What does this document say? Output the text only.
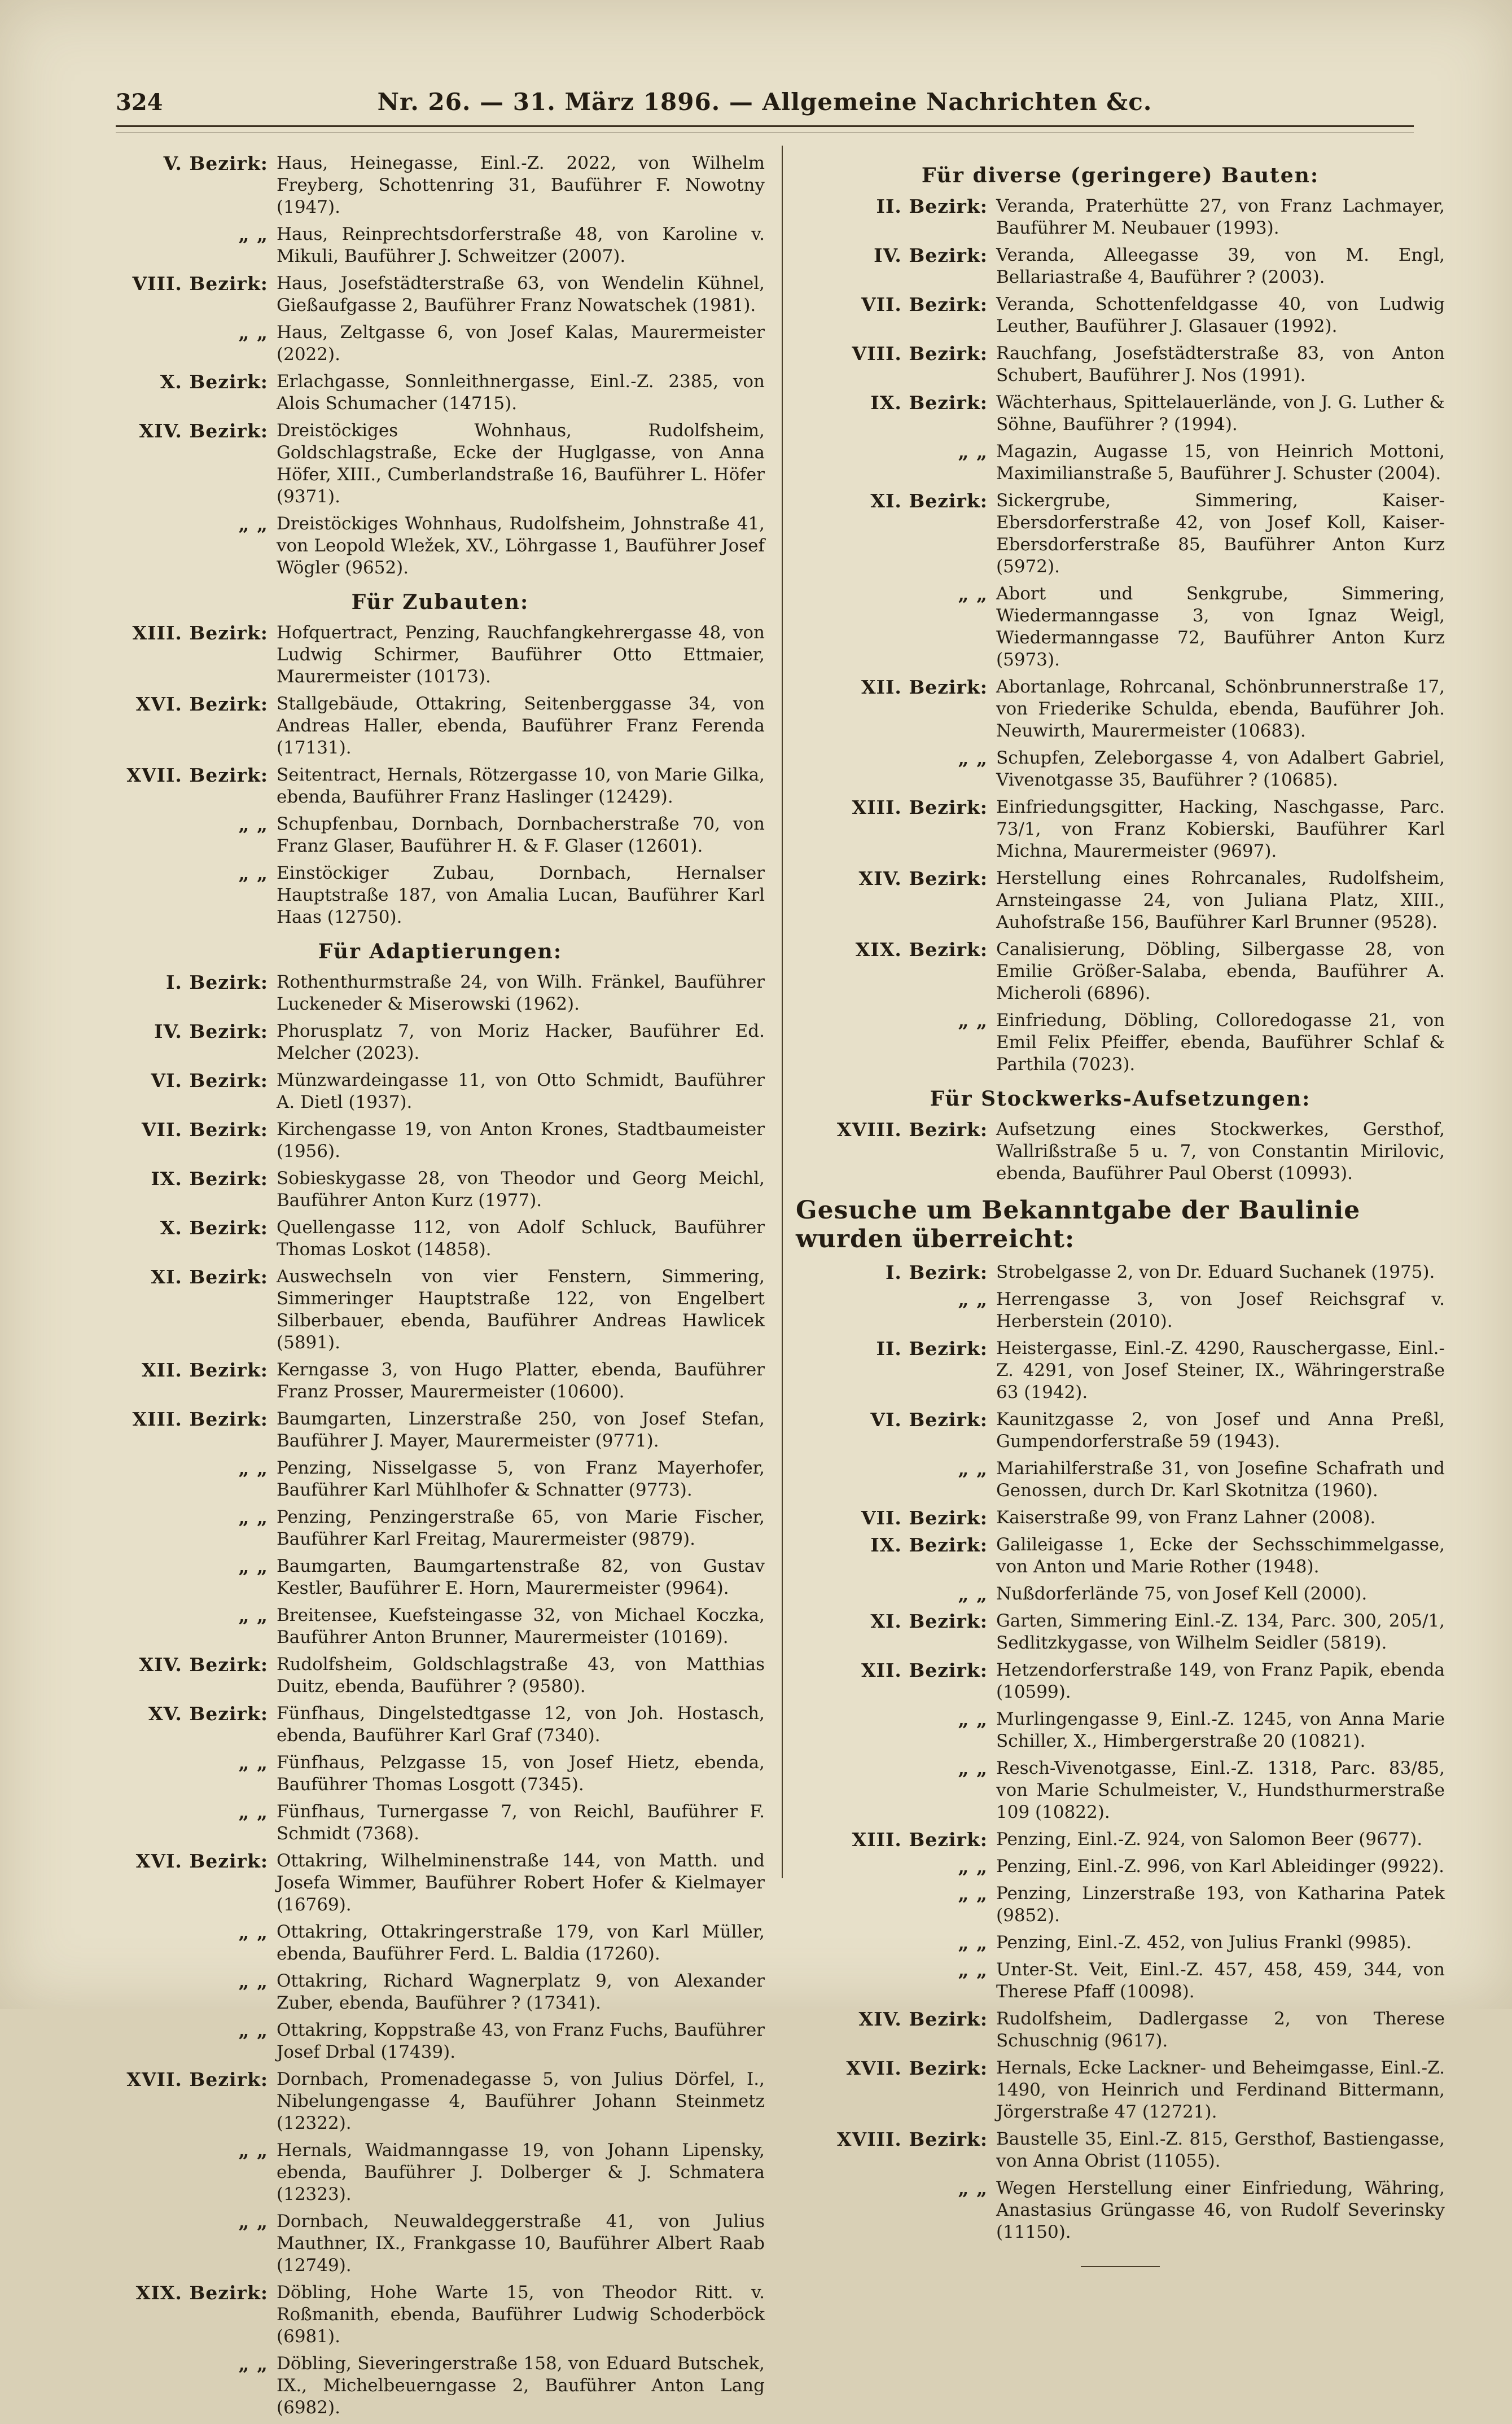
324	Nr. 26. — 31. März 1896. — Allgemeine Nachrichten &c.
V. Bezirk: Haus, Heinegasse, Einl.-Z. 2022, von Wilhelm Freyberg, Schottenring 31, Bauführer F. Nowotny (1947).
„ „ Haus, Reinprechtsdorferstraße 48, von Karoline v. Mikuli, Bauführer J. Schweitzer (2007).
VIII. Bezirk: Haus, Josefstädterstraße 63, von Wendelin Kühnel, Gießaufgasse 2, Bauführer Franz Nowatschek (1981).
„ „ Haus, Zeltgasse 6, von Josef Kalas, Maurermeister (2022).
X. Bezirk: Erlachgasse, Sonnleithnergasse, Einl.-Z. 2385, von Alois Schumacher (14715).
XIV. Bezirk: Dreistöckiges Wohnhaus, Rudolfsheim, Goldschlagstraße, Ecke der Huglgasse, von Anna Höfer, XIII., Cumberlandstraße 16, Bauführer L. Höfer (9371).
„ „ Dreistöckiges Wohnhaus, Rudolfsheim, Johnstraße 41, von Leopold Wležek, XV., Löhrgasse 1, Bauführer Josef Wögler (9652).
Für Zubauten:
XIII. Bezirk: Hofquertract, Penzing, Rauchfangkehrergasse 48, von Ludwig Schirmer, Bauführer Otto Ettmaier, Maurermeister (10173).
XVI. Bezirk: Stallgebäude, Ottakring, Seitenberggasse 34, von Andreas Haller, ebenda, Bauführer Franz Ferenda (17131).
XVII. Bezirk: Seitentract, Hernals, Rötzergasse 10, von Marie Gilka, ebenda, Bauführer Franz Haslinger (12429).
„ „ Schupfenbau, Dornbach, Dornbacherstraße 70, von Franz Glaser, Bauführer H. & F. Glaser (12601).
„ „ Einstöckiger Zubau, Dornbach, Hernalser Hauptstraße 187, von Amalia Lucan, Bauführer Karl Haas (12750).
Für Adaptierungen:
I. Bezirk: Rothenthurmstraße 24, von Wilh. Fränkel, Bauführer Luckeneder & Miserowski (1962).
IV. Bezirk: Phorusplatz 7, von Moriz Hacker, Bauführer Ed. Melcher (2023).
VI. Bezirk: Münzwardeingasse 11, von Otto Schmidt, Bauführer A. Dietl (1937).
VII. Bezirk: Kirchengasse 19, von Anton Krones, Stadtbaumeister (1956).
IX. Bezirk: Sobieskygasse 28, von Theodor und Georg Meichl, Bauführer Anton Kurz (1977).
X. Bezirk: Quellengasse 112, von Adolf Schluck, Bauführer Thomas Loskot (14858).
XI. Bezirk: Auswechseln von vier Fenstern, Simmering, Simmeringer Hauptstraße 122, von Engelbert Silberbauer, ebenda, Bauführer Andreas Hawlicek (5891).
XII. Bezirk: Kerngasse 3, von Hugo Platter, ebenda, Bauführer Franz Prosser, Maurermeister (10600).
XIII. Bezirk: Baumgarten, Linzerstraße 250, von Josef Stefan, Bauführer J. Mayer, Maurermeister (9771).
„ „ Penzing, Nisselgasse 5, von Franz Mayerhofer, Bauführer Karl Mühlhofer & Schnatter (9773).
„ „ Penzing, Penzingerstraße 65, von Marie Fischer, Bauführer Karl Freitag, Maurermeister (9879).
„ „ Baumgarten, Baumgartenstraße 82, von Gustav Kestler, Bauführer E. Horn, Maurermeister (9964).
„ „ Breitensee, Kuefsteingasse 32, von Michael Koczka, Bauführer Anton Brunner, Maurermeister (10169).
XIV. Bezirk: Rudolfsheim, Goldschlagstraße 43, von Matthias Duitz, ebenda, Bauführer ? (9580).
XV. Bezirk: Fünfhaus, Dingelstedtgasse 12, von Joh. Hostasch, ebenda, Bauführer Karl Graf (7340).
„ „ Fünfhaus, Pelzgasse 15, von Josef Hietz, ebenda, Bauführer Thomas Losgott (7345).
„ „ Fünfhaus, Turnergasse 7, von Reichl, Bauführer F. Schmidt (7368).
XVI. Bezirk: Ottakring, Wilhelminenstraße 144, von Matth. und Josefa Wimmer, Bauführer Robert Hofer & Kielmayer (16769).
„ „ Ottakring, Ottakringerstraße 179, von Karl Müller, ebenda, Bauführer Ferd. L. Baldia (17260).
„ „ Ottakring, Richard Wagnerplatz 9, von Alexander Zuber, ebenda, Bauführer ? (17341).
„ „ Ottakring, Koppstraße 43, von Franz Fuchs, Bauführer Josef Drbal (17439).
XVII. Bezirk: Dornbach, Promenadegasse 5, von Julius Dörfel, I., Nibelungengasse 4, Bauführer Johann Steinmetz (12322).
„ „ Hernals, Waidmanngasse 19, von Johann Lipensky, ebenda, Bauführer J. Dolberger & J. Schmatera (12323).
„ „ Dornbach, Neuwaldeggerstraße 41, von Julius Mauthner, IX., Frankgasse 10, Bauführer Albert Raab (12749).
XIX. Bezirk: Döbling, Hohe Warte 15, von Theodor Ritt. v. Roßmanith, ebenda, Bauführer Ludwig Schoderböck (6981).
„ „ Döbling, Sieveringerstraße 158, von Eduard Butschek, IX., Michelbeuerngasse 2, Bauführer Anton Lang (6982).
Für diverse (geringere) Bauten:
II. Bezirk: Veranda, Praterhütte 27, von Franz Lachmayer, Bauführer M. Neubauer (1993).
IV. Bezirk: Veranda, Alleegasse 39, von M. Engl, Bellariastraße 4, Bauführer ? (2003).
VII. Bezirk: Veranda, Schottenfeldgasse 40, von Ludwig Leuther, Bauführer J. Glasauer (1992).
VIII. Bezirk: Rauchfang, Josefstädterstraße 83, von Anton Schubert, Bauführer J. Nos (1991).
IX. Bezirk: Wächterhaus, Spittelauerlände, von J. G. Luther & Söhne, Bauführer ? (1994).
„ „ Magazin, Augasse 15, von Heinrich Mottoni, Maximilianstraße 5, Bauführer J. Schuster (2004).
XI. Bezirk: Sickergrube, Simmering, Kaiser-Ebersdorferstraße 42, von Josef Koll, Kaiser-Ebersdorferstraße 85, Bauführer Anton Kurz (5972).
„ „ Abort und Senkgrube, Simmering, Wiedermanngasse 3, von Ignaz Weigl, Wiedermanngasse 72, Bauführer Anton Kurz (5973).
XII. Bezirk: Abortanlage, Rohrcanal, Schönbrunnerstraße 17, von Friederike Schulda, ebenda, Bauführer Joh. Neuwirth, Maurermeister (10683).
„ „ Schupfen, Zeleborgasse 4, von Adalbert Gabriel, Vivenotgasse 35, Bauführer ? (10685).
XIII. Bezirk: Einfriedungsgitter, Hacking, Naschgasse, Parc. 73/1, von Franz Kobierski, Bauführer Karl Michna, Maurermeister (9697).
XIV. Bezirk: Herstellung eines Rohrcanales, Rudolfsheim, Arnsteingasse 24, von Juliana Platz, XIII., Auhofstraße 156, Bauführer Karl Brunner (9528).
XIX. Bezirk: Canalisierung, Döbling, Silbergasse 28, von Emilie Größer-Salaba, ebenda, Bauführer A. Micheroli (6896).
„ „ Einfriedung, Döbling, Colloredogasse 21, von Emil Felix Pfeiffer, ebenda, Bauführer Schlaf & Parthila (7023).
Für Stockwerks-Aufsetzungen:
XVIII. Bezirk: Aufsetzung eines Stockwerkes, Gersthof, Wallrißstraße 5 u. 7, von Constantin Mirilovic, ebenda, Bauführer Paul Oberst (10993).
Gesuche um Bekanntgabe der Baulinie wurden überreicht:
I. Bezirk: Strobelgasse 2, von Dr. Eduard Suchanek (1975).
„ „ Herrengasse 3, von Josef Reichsgraf v. Herberstein (2010).
II. Bezirk: Heistergasse, Einl.-Z. 4290, Rauschergasse, Einl.-Z. 4291, von Josef Steiner, IX., Währingerstraße 63 (1942).
VI. Bezirk: Kaunitzgasse 2, von Josef und Anna Preßl, Gumpendorferstraße 59 (1943).
„ „ Mariahilferstraße 31, von Josefine Schafrath und Genossen, durch Dr. Karl Skotnitza (1960).
VII. Bezirk: Kaiserstraße 99, von Franz Lahner (2008).
IX. Bezirk: Galileigasse 1, Ecke der Sechsschimmelgasse, von Anton und Marie Rother (1948).
„ „ Nußdorferlände 75, von Josef Kell (2000).
XI. Bezirk: Garten, Simmering Einl.-Z. 134, Parc. 300, 205/1, Sedlitzkygasse, von Wilhelm Seidler (5819).
XII. Bezirk: Hetzendorferstraße 149, von Franz Papik, ebenda (10599).
„ „ Murlingengasse 9, Einl.-Z. 1245, von Anna Marie Schiller, X., Himbergerstraße 20 (10821).
„ „ Resch-Vivenotgasse, Einl.-Z. 1318, Parc. 83/85, von Marie Schulmeister, V., Hundsthurmerstraße 109 (10822).
XIII. Bezirk: Penzing, Einl.-Z. 924, von Salomon Beer (9677).
„ „ Penzing, Einl.-Z. 996, von Karl Ableidinger (9922).
„ „ Penzing, Linzerstraße 193, von Katharina Patek (9852).
„ „ Penzing, Einl.-Z. 452, von Julius Frankl (9985).
„ „ Unter-St. Veit, Einl.-Z. 457, 458, 459, 344, von Therese Pfaff (10098).
XIV. Bezirk: Rudolfsheim, Dadlergasse 2, von Therese Schuschnig (9617).
XVII. Bezirk: Hernals, Ecke Lackner- und Beheimgasse, Einl.-Z. 1490, von Heinrich und Ferdinand Bittermann, Jörgerstraße 47 (12721).
XVIII. Bezirk: Baustelle 35, Einl.-Z. 815, Gersthof, Bastiengasse, von Anna Obrist (11055).
„ „ Wegen Herstellung einer Einfriedung, Währing, Anastasius Grüngasse 46, von Rudolf Severinsky (11150).
